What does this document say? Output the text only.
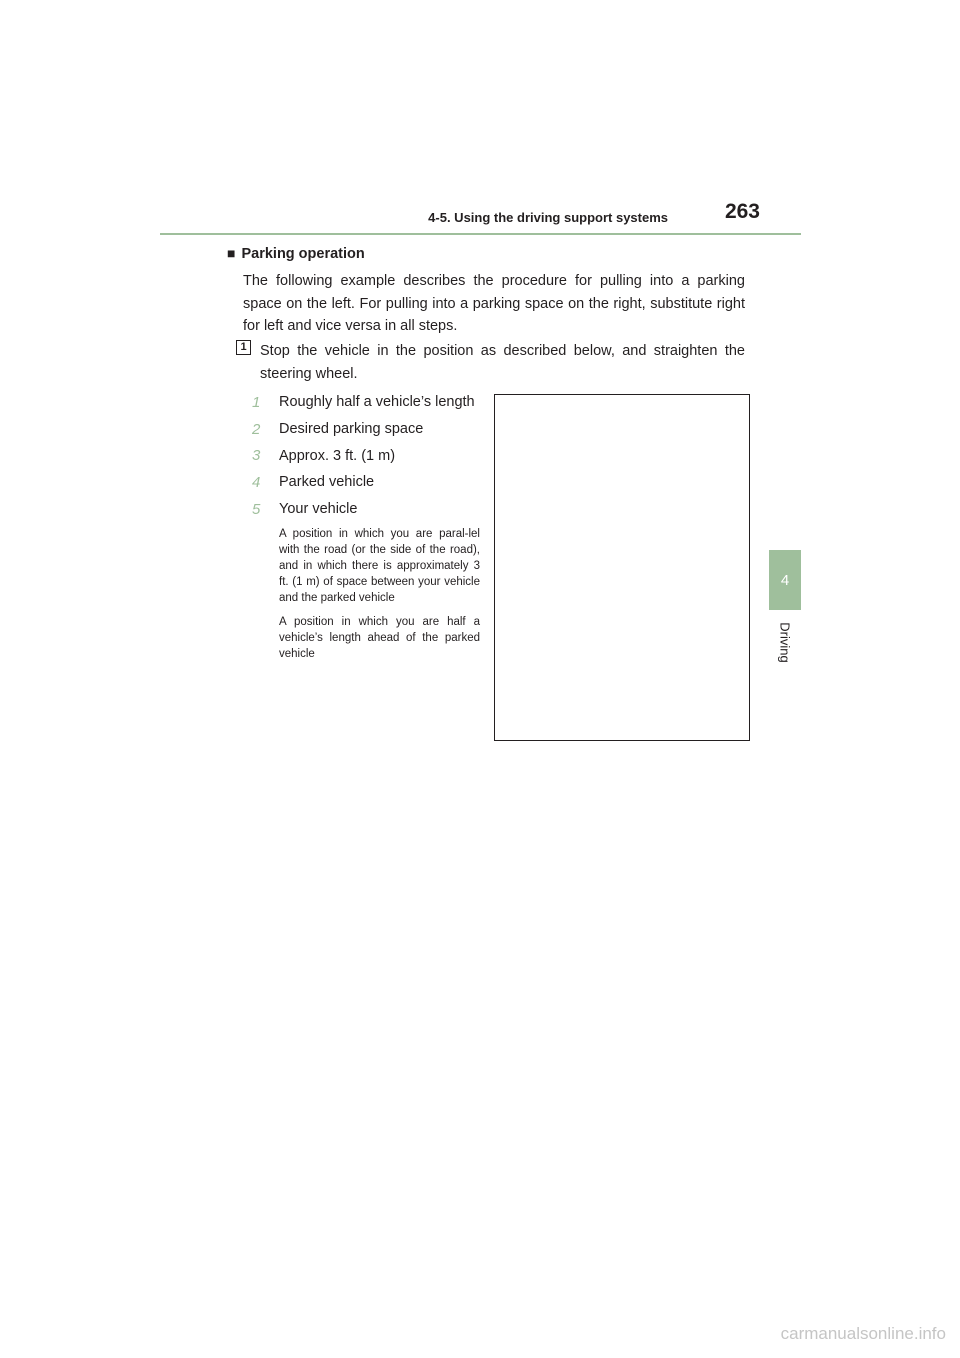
4-5. Using the driving support systems	263
4
Driving
■ Parking operation

The following example describes the procedure for pulling into a parking space on the left. For pulling into a parking space on the right, substitute right for left and vice versa in all steps.

1 Stop the vehicle in the position as described below, and straighten the steering wheel.

1	Roughly half a vehicle’s length
2	Desired parking space
3	Approx. 3 ft. (1 m)
4	Parked vehicle
5	Your vehicle

A position in which you are paral-lel with the road (or the side of the road), and in which there is approximately 3 ft. (1 m) of space between your vehicle and the parked vehicle

A position in which you are half a vehicle’s length ahead of the parked vehicle

carmanualsonline.info
